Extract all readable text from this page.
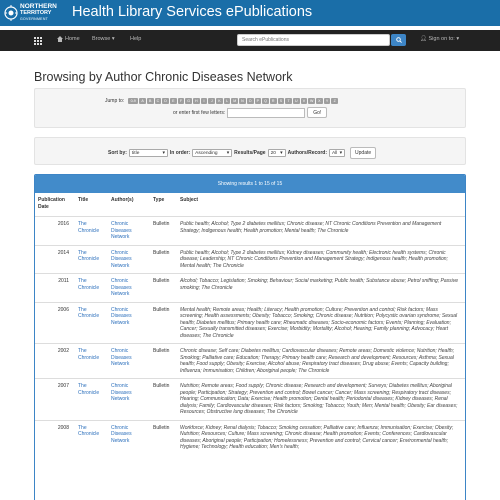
NORTHERN
TERRITORY
GOVERNMENT	Health Library Services ePublications
Home Browse ▾	Help
Search ePublications	👤︎ Sign on to: ▾
Browsing by Author Chronic Diseases Network
Jump to:	0-9	A	B	C	D	E	F	G	H	I	J	K	L	M	N	O	P	Q	R	S	T	U	V	W	X	Y	Z
or enter first few letters:	Go!
Sort by: title	▾ In order: Ascending	▾ Results/Page 20 ▾ Authors/Record: All ▾	Update
Showing results 1 to 15 of 15
Publication Date	Title	Author(s)	Type	Subject
2016	The Chronicle	Chronic Diseases Network	Bulletin	Public health; Alcohol; Type 2 diabetes mellitus; Chronic disease; NT Chronic Conditions Prevention and Management Strategy; Indigenous health; Health promotion; Mental health; The Chronicle
2014	The Chronicle	Chronic Diseases Network	Bulletin	Public health; Alcohol; Type 2 diabetes mellitus; Kidney diseases; Community health; Electronic health systems; Chronic disease; Leadership; NT Chronic Conditions Prevention and Management Strategy; Indigenous health; Health promotion; Mental health; The Chronicle
2011	The Chronicle	Chronic Diseases Network	Bulletin	Alcohol; Tobacco; Legislation; Smoking; Behaviour; Social marketing; Public health; Substance abuse; Petrol sniffing; Passive smoking; The Chronicle
2006	The Chronicle	Chronic Diseases Network	Bulletin	Mental health; Remote areas; Health; Literacy; Health promotion; Culture; Prevention and control; Risk factors; Mass screening; Health assessments; Obesity; Tobacco; Smoking; Chronic disease; Nutrition; Polycystic ovarian syndrome; Sexual health; Diabetes mellitus; Primary health care; Rheumatic diseases; Socio-economic factors; Events; Planning; Evaluation; Cancer; Sexually transmitted diseases; Exercise; Morbidity; Mortality; Alcohol; Hearing; Family planning; Advocacy; Heart diseases; The Chronicle
2002	The Chronicle	Chronic Diseases Network	Bulletin	Chronic disease; Self care; Diabetes mellitus; Cardiovascular diseases; Remote areas; Domestic violence; Nutrition; Health; Smoking; Palliative care; Education; Therapy; Primary health care; Research and development; Resources; Asthma; Sexual health; Food supply; Obesity; Exercise; Alcohol abuse; Respiratory tract diseases; Drug abuse; Events; Capacity building; Influenza; Immunisation; Children; Aboriginal people; The Chronicle
2007	The Chronicle	Chronic Diseases Network	Bulletin	Nutrition; Remote areas; Food supply; Chronic disease; Research and development; Surveys; Diabetes mellitus; Aboriginal people; Participation; Strategy; Prevention and control; Bowel cancer; Cancer; Mass screening; Respiratory tract diseases; Hearing; Communication; Data; Exercise; Health promotion; Dental health; Periodontal diseases; Kidney diseases; Renal dialysis; Family; Cardiovascular diseases; Risk factors; Smoking; Tobacco; Youth; Men; Mental health; Obesity; Ear diseases; Resources; Obstructive lung diseases; The Chronicle
2008	The Chronicle	Chronic Diseases Network	Bulletin	Workforce; Kidney; Renal dialysis; Tobacco; Smoking cessation; Palliative care; Influenza; Immunisation; Exercise; Obesity; Nutrition; Resources; Culture; Mass screening; Chronic disease; Health promotion; Events; Conferences; Cardiovascular diseases; Aboriginal people; Participation; Homelessness; Prevention and control; Cervical cancer; Environmental health; Hygiene; Technology; Health education; Men's health;
